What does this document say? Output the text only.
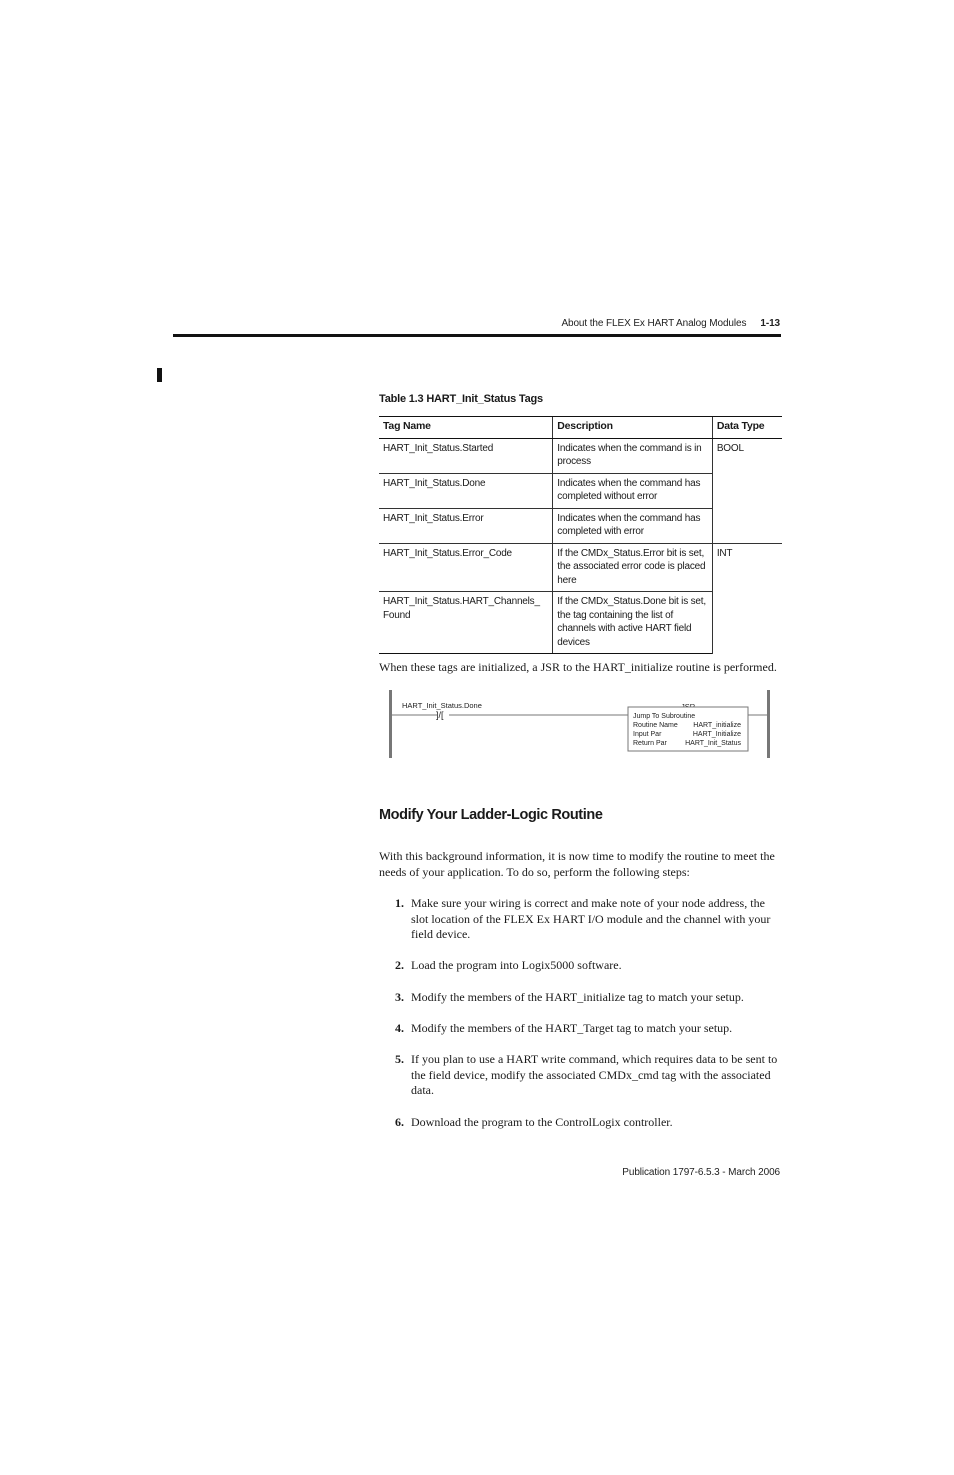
About the FLEX Ex HART Analog Modules 1-13
Table 1.3 HART_Init_Status Tags
Tag Name	Description	Data Type
HART_Init_Status.Started	Indicates when the command is in process	BOOL
HART_Init_Status.Done	Indicates when the command has completed without error	
HART_Init_Status.Error	Indicates when the command has completed with error	
HART_Init_Status.Error_Code	If the CMDx_Status.Error bit is set, the associated error code is placed here	INT
HART_Init_Status.HART_Channels_ Found	If the CMDx_Status.Done bit is set, the tag containing the list of channels with active HART field devices	
When these tags are initialized, a JSR to the HART_initialize routine is performed.
HART_Init_Status.Done
]/[	Jump To Subroutine
Routine Name HART_initialize
Input Par	HART_Initialize
Return Par	HART_Init_Status
Modify Your Ladder-Logic Routine
With this background information, it is now time to modify the routine to meet the needs of your application. To do so, perform the following steps:
1. Make sure your wiring is correct and make note of your node address, the slot location of the FLEX Ex HART I/O module and the channel with your field device.
2. Load the program into Logix5000 software.
3. Modify the members of the HART_initialize tag to match your setup.
4. Modify the members of the HART_Target tag to match your setup.
5. If you plan to use a HART write command, which requires data to be sent to the field device, modify the associated CMDx_cmd tag with the associated data.
6. Download the program to the ControlLogix controller.
Publication 1797-6.5.3 - March 2006
